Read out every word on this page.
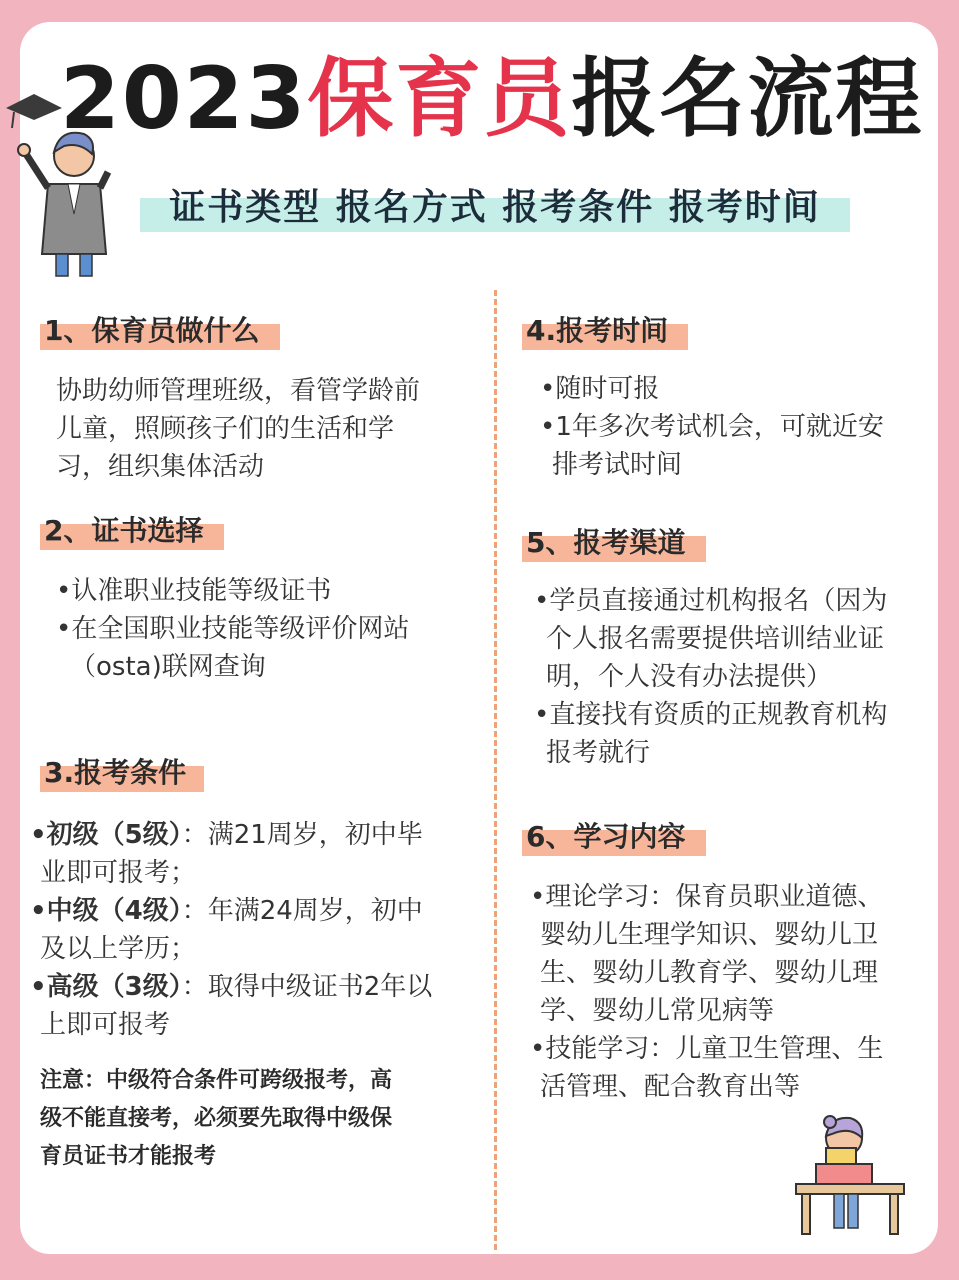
2023保育员报名流程
证书类型 报名方式 报考条件 报考时间
1、保育员做什么

协助幼师管理班级，看管学龄前

儿童，照顾孩子们的生活和学

习，组织集体活动

2、证书选择

•认准职业技能等级证书

•在全国职业技能等级评价网站

（osta)联网查询

3.报考条件

•初级（5级）：满21周岁，初中毕

业即可报考；

•中级（4级）：年满24周岁，初中

及以上学历；

•高级（3级）：取得中级证书2年以

上即可报考

注意：中级符合条件可跨级报考，高
级不能直接考，必须要先取得中级保
育员证书才能报考
4.报考时间

•随时可报

•1年多次考试机会，可就近安

排考试时间

5、报考渠道

•学员直接通过机构报名（因为

个人报名需要提供培训结业证

明，个人没有办法提供）

•直接找有资质的正规教育机构

报考就行

6、学习内容

•理论学习：保育员职业道德、

婴幼儿生理学知识、婴幼儿卫

生、婴幼儿教育学、婴幼儿理

学、婴幼儿常见病等

•技能学习：儿童卫生管理、生

活管理、配合教育出等
